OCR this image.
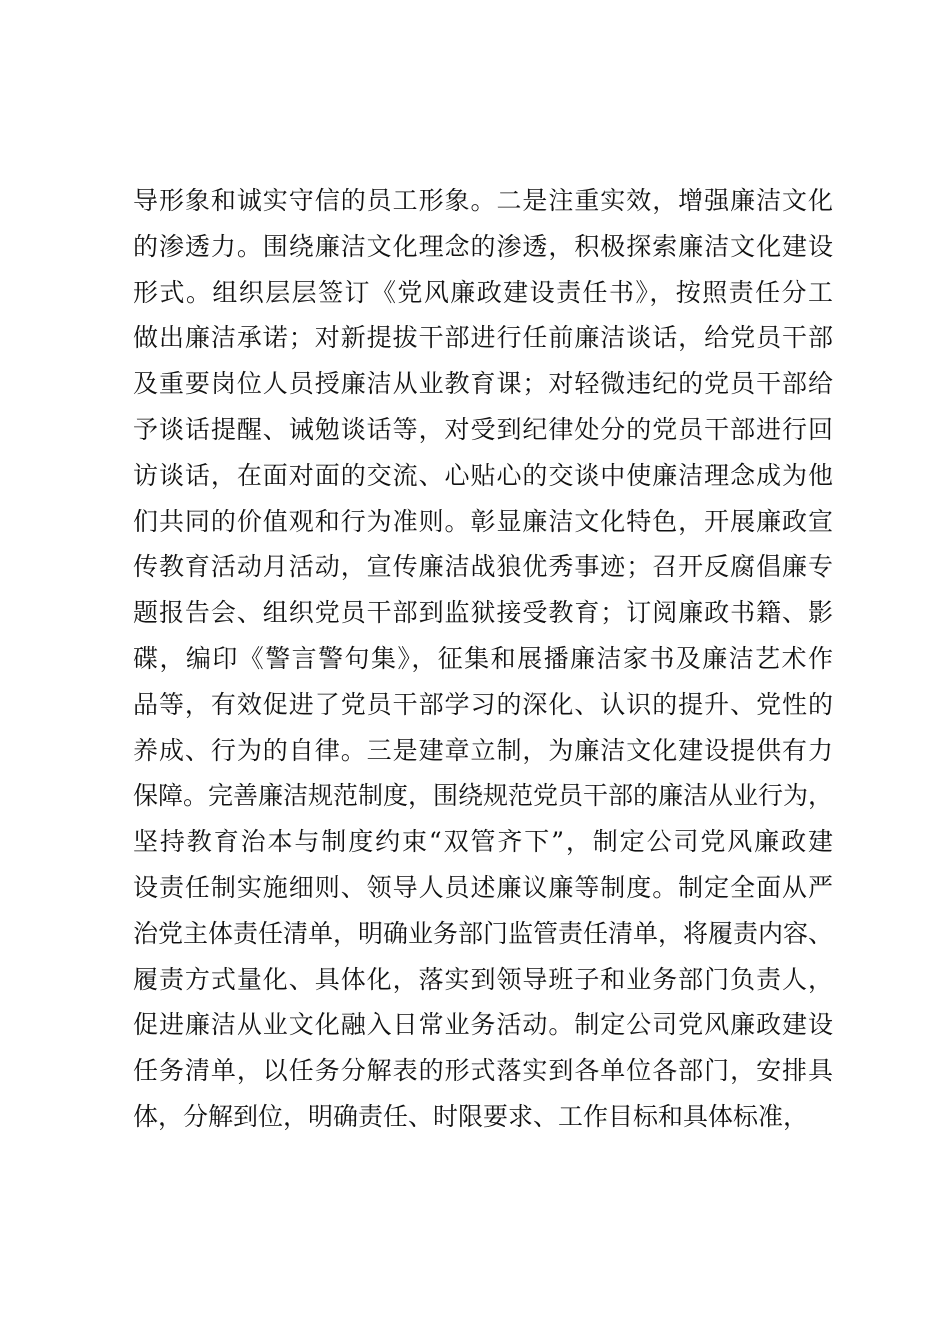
导形象和诚实守信的员工形象。二是注重实效，增强廉洁文化
的渗透力。围绕廉洁文化理念的渗透，积极探索廉洁文化建设
形式。组织层层签订《党风廉政建设责任书》，按照责任分工
做出廉洁承诺；对新提拔干部进行任前廉洁谈话，给党员干部
及重要岗位人员授廉洁从业教育课；对轻微违纪的党员干部给
予谈话提醒、诫勉谈话等，对受到纪律处分的党员干部进行回
访谈话，在面对面的交流、心贴心的交谈中使廉洁理念成为他
们共同的价值观和行为准则。彰显廉洁文化特色，开展廉政宣
传教育活动月活动，宣传廉洁战狼优秀事迹；召开反腐倡廉专
题报告会、组织党员干部到监狱接受教育；订阅廉政书籍、影
碟，编印《警言警句集》，征集和展播廉洁家书及廉洁艺术作
品等，有效促进了党员干部学习的深化、认识的提升、党性的
养成、行为的自律。三是建章立制，为廉洁文化建设提供有力
保障。完善廉洁规范制度，围绕规范党员干部的廉洁从业行为，
坚持教育治本与制度约束“双管齐下”，制定公司党风廉政建
设责任制实施细则、领导人员述廉议廉等制度。制定全面从严
治党主体责任清单，明确业务部门监管责任清单，将履责内容、
履责方式量化、具体化，落实到领导班子和业务部门负责人，
促进廉洁从业文化融入日常业务活动。制定公司党风廉政建设
任务清单，以任务分解表的形式落实到各单位各部门，安排具
体，分解到位，明确责任、时限要求、工作目标和具体标准，
